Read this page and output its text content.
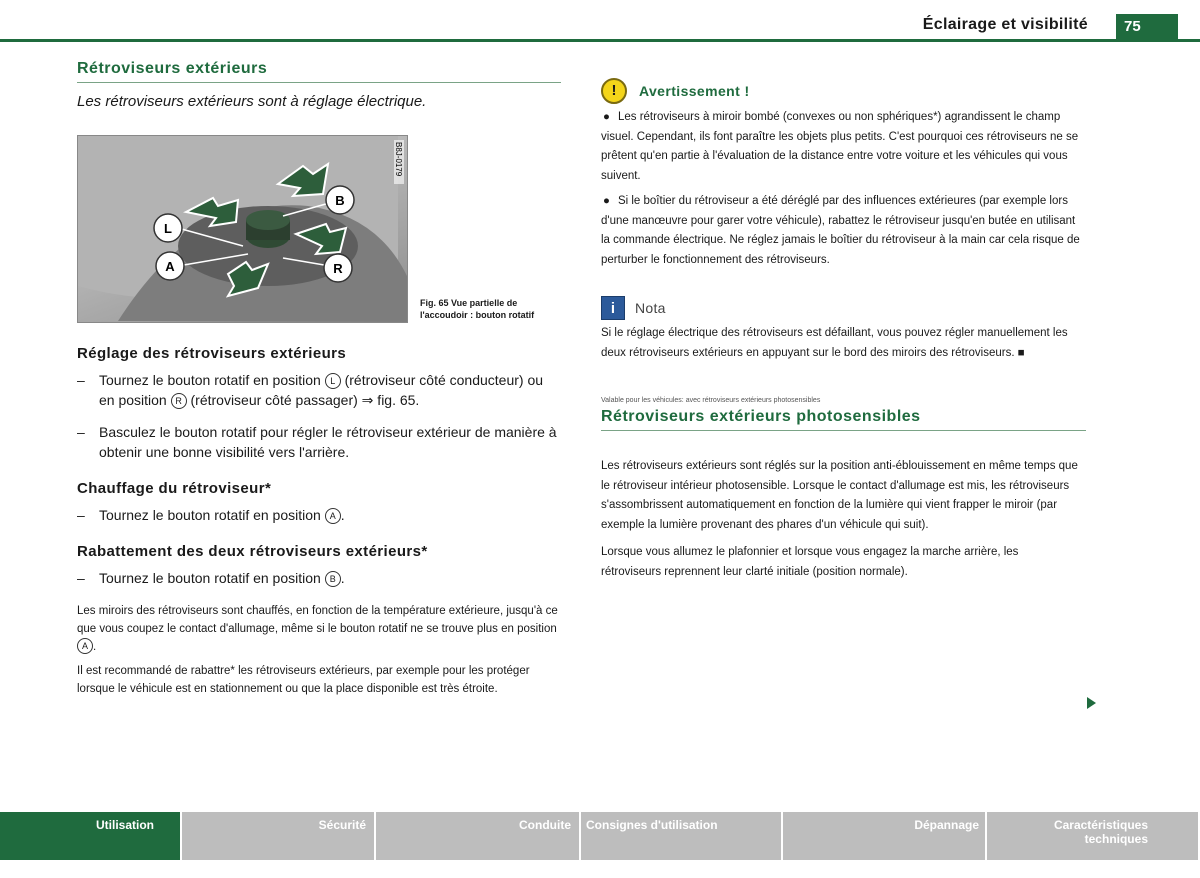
Éclairage et visibilité	75
Rétroviseurs extérieurs
Les rétroviseurs extérieurs sont à réglage électrique.
L
A
B
R
B8J-0179
Fig. 65 Vue partielle de l'accoudoir : bouton rotatif
Réglage des rétroviseurs extérieurs
–	Tournez le bouton rotatif en position L (rétroviseur côté conducteur) ou en position R (rétroviseur côté passager) ⇒ fig. 65.
–	Basculez le bouton rotatif pour régler le rétroviseur extérieur de manière à obtenir une bonne visibilité vers l'arrière.
Chauffage du rétroviseur*
–	Tournez le bouton rotatif en position A .
Rabattement des deux rétroviseurs extérieurs*
–	Tournez le bouton rotatif en position B .
Les miroirs des rétroviseurs sont chauffés, en fonction de la température extérieure, jusqu'à ce que vous coupez le contact d'allumage, même si le bouton rotatif ne se trouve plus en position A .
Il est recommandé de rabattre* les rétroviseurs extérieurs, par exemple pour les protéger lorsque le véhicule est en stationnement ou que la place disponible est très étroite.
!	Avertissement !
● Les rétroviseurs à miroir bombé (convexes ou non sphériques*) agrandissent le champ visuel. Cependant, ils font paraître les objets plus petits. C'est pourquoi ces rétroviseurs ne se prêtent qu'en partie à l'évaluation de la distance entre votre voiture et les véhicules qui vous suivent.
● Si le boîtier du rétroviseur a été déréglé par des influences extérieures (par exemple lors d'une manœuvre pour garer votre véhicule), rabattez le rétroviseur jusqu'en butée en utilisant la commande électrique. Ne réglez jamais le boîtier du rétroviseur à la main car cela risque de perturber le fonctionnement des rétroviseurs.
i	Nota
Si le réglage électrique des rétroviseurs est défaillant, vous pouvez régler manuellement les deux rétroviseurs extérieurs en appuyant sur le bord des miroirs des rétroviseurs. ■
Valable pour les véhicules: avec rétroviseurs extérieurs photosensibles
Rétroviseurs extérieurs photosensibles
Les rétroviseurs extérieurs sont réglés sur la position anti-éblouissement en même temps que le rétroviseur intérieur photosensible. Lorsque le contact d'allumage est mis, les rétroviseurs s'assombrissent automatiquement en fonction de la lumière qui vient frapper le miroir (par exemple la lumière provenant des phares d'un véhicule qui suit).
Lorsque vous allumez le plafonnier et lorsque vous engagez la marche arrière, les rétroviseurs reprennent leur clarté initiale (position normale).
Utilisation	Sécurité	Conduite	Consignes d'utilisation	Dépannage	Caractéristiques techniques
